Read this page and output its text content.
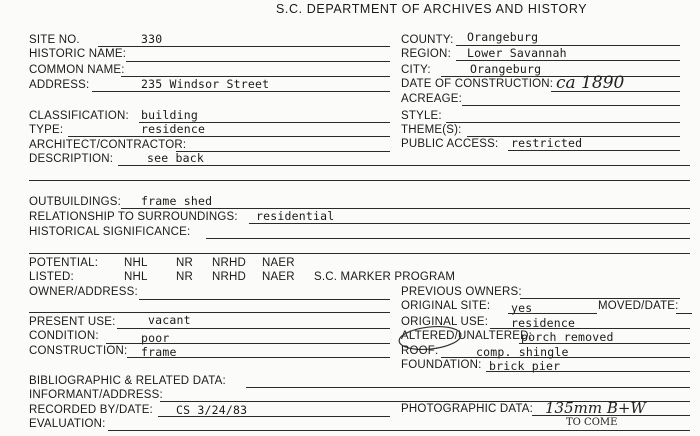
S.C. DEPARTMENT OF ARCHIVES AND HISTORY
SITE NO.	330
HISTORIC NAME:
COMMON NAME:
ADDRESS:	235 Windsor Street
COUNTY: Orangeburg
REGION: Lower Savannah
CITY:	Orangeburg
DATE OF CONSTRUCTION: ca 1890
ACREAGE:
CLASSIFICATION: building
TYPE:	residence
ARCHITECT/CONTRACTOR:
DESCRIPTION:	see back
STYLE:
THEME(S):
PUBLIC ACCESS: restricted
OUTBUILDINGS: frame shed
RELATIONSHIP TO SURROUNDINGS: residential
HISTORICAL SIGNIFICANCE:
POTENTIAL: NHL NR NRHD NAER
LISTED:	NHL NR NRHD NAER S.C. MARKER PROGRAM
OWNER/ADDRESS:	PREVIOUS OWNERS:
ORIGINAL SITE: yes	MOVED/DATE:
PRESENT USE:	vacant
CONDITION:	poor
CONSTRUCTION: frame
ORIGINAL USE: residence
ALTERED/UNALTERED:
porch removed
ROOF:	comp. shingle
FOUNDATION: brick pier
BIBLIOGRAPHIC & RELATED DATA:
INFORMANT/ADDRESS:
RECORDED BY/DATE: CS 3/24/83	PHOTOGRAPHIC DATA: 135mm B+W
TO COME
EVALUATION:
